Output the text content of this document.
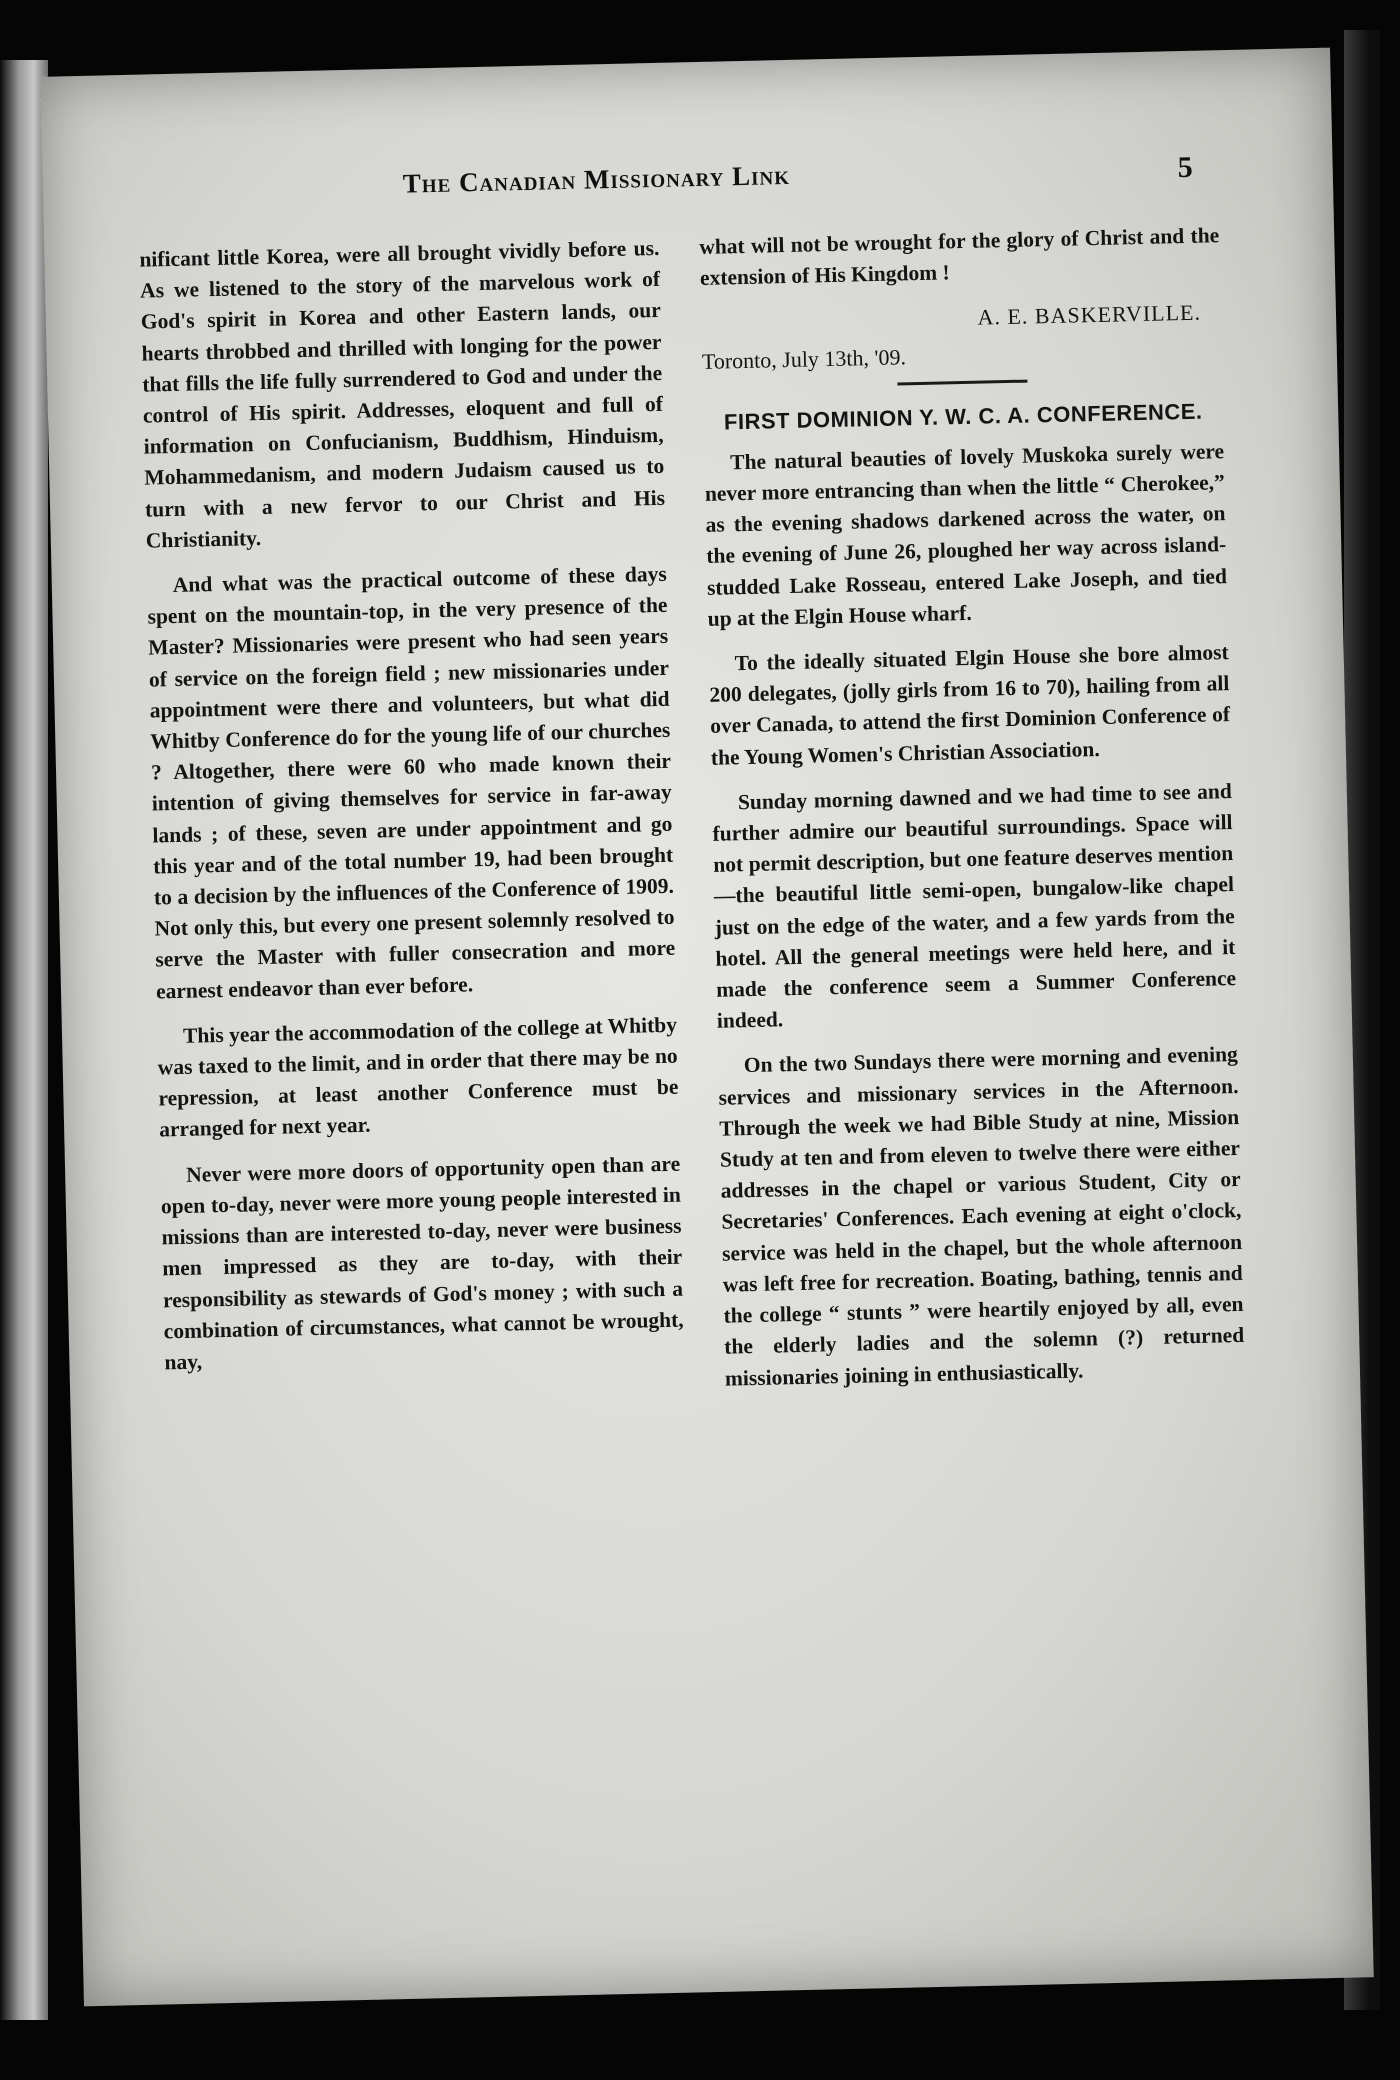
The Canadian Missionary Link	5

nificant little Korea, were all brought vividly before us. As we listened to the story of the marvelous work of God's spirit in Korea and other Eastern lands, our hearts throbbed and thrilled with longing for the power that fills the life fully surrendered to God and under the control of His spirit. Addresses, eloquent and full of information on Confucianism, Buddhism, Hinduism, Mohammedanism, and modern Judaism caused us to turn with a new fervor to our Christ and His Christianity.

And what was the practical outcome of these days spent on the mountain-top, in the very presence of the Master? Missionaries were present who had seen years of service on the foreign field ; new missionaries under appointment were there and volunteers, but what did Whitby Conference do for the young life of our churches ? Altogether, there were 60 who made known their intention of giving themselves for service in far-away lands ; of these, seven are under appointment and go this year and of the total number 19, had been brought to a decision by the influences of the Conference of 1909. Not only this, but every one present solemnly resolved to serve the Master with fuller consecration and more earnest endeavor than ever before.

This year the accommodation of the college at Whitby was taxed to the limit, and in order that there may be no repression, at least another Conference must be arranged for next year.

Never were more doors of opportunity open than are open to-day, never were more young people interested in missions than are interested to-day, never were business men impressed as they are to-day, with their responsibility as stewards of God's money ; with such a combination of circumstances, what cannot be wrought, nay,

what will not be wrought for the glory of Christ and the extension of His Kingdom !

A. E. BASKERVILLE.
Toronto, July 13th, '09.
FIRST DOMINION Y. W. C. A. CONFERENCE.

The natural beauties of lovely Muskoka surely were never more entrancing than when the little “ Cherokee,” as the evening shadows darkened across the water, on the evening of June 26, ploughed her way across island-studded Lake Rosseau, entered Lake Joseph, and tied up at the Elgin House wharf.

To the ideally situated Elgin House she bore almost 200 delegates, (jolly girls from 16 to 70), hailing from all over Canada, to attend the first Dominion Conference of the Young Women's Christian Association.

Sunday morning dawned and we had time to see and further admire our beautiful surroundings. Space will not permit description, but one feature deserves mention—the beautiful little semi-open, bungalow-like chapel just on the edge of the water, and a few yards from the hotel. All the general meetings were held here, and it made the conference seem a Summer Conference indeed.

On the two Sundays there were morning and evening services and missionary services in the Afternoon. Through the week we had Bible Study at nine, Mission Study at ten and from eleven to twelve there were either addresses in the chapel or various Student, City or Secretaries' Conferences. Each evening at eight o'clock, service was held in the chapel, but the whole afternoon was left free for recreation. Boating, bathing, tennis and the college “ stunts ” were heartily enjoyed by all, even the elderly ladies and the solemn (?) returned missionaries joining in enthusiastically.
